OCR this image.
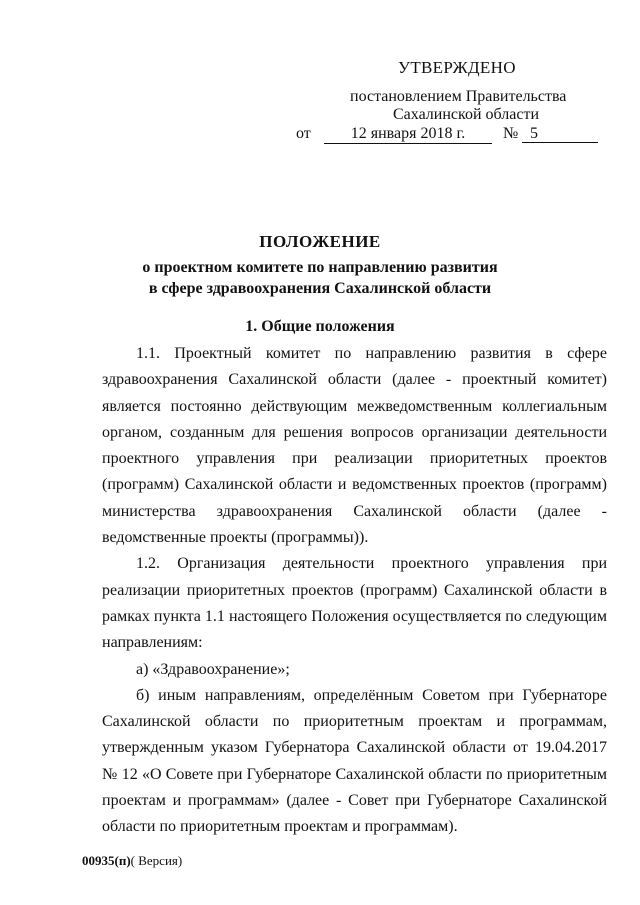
УТВЕРЖДЕНО
постановлением Правительства
Сахалинской области
от	12 января 2018 г.	№ 5
ПОЛОЖЕНИЕ
о проектном комитете по направлению развития
в сфере здравоохранения Сахалинской области
1. Общие положения

1.1. Проектный комитет по направлению развития в сфере здравоохранения Сахалинской области (далее - проектный комитет) является постоянно действующим межведомственным коллегиальным органом, созданным для решения вопросов организации деятельности проектного управления при реализации приоритетных проектов (программ) Сахалинской области и ведомственных проектов (программ) министерства здравоохранения Сахалинской области (далее - ведомственные проекты (программы)).

1.2. Организация деятельности проектного управления при реализации приоритетных проектов (программ) Сахалинской области в рамках пункта 1.1 настоящего Положения осуществляется по следующим направлениям:

а) «Здравоохранение»;

б) иным направлениям, определённым Советом при Губернаторе Сахалинской области по приоритетным проектам и программам, утвержденным указом Губернатора Сахалинской области от 19.04.2017 № 12 «О Совете при Губернаторе Сахалинской области по приоритетным проектам и программам» (далее - Совет при Губернаторе Сахалинской области по приоритетным проектам и программам).

00935(п)( Версия)
